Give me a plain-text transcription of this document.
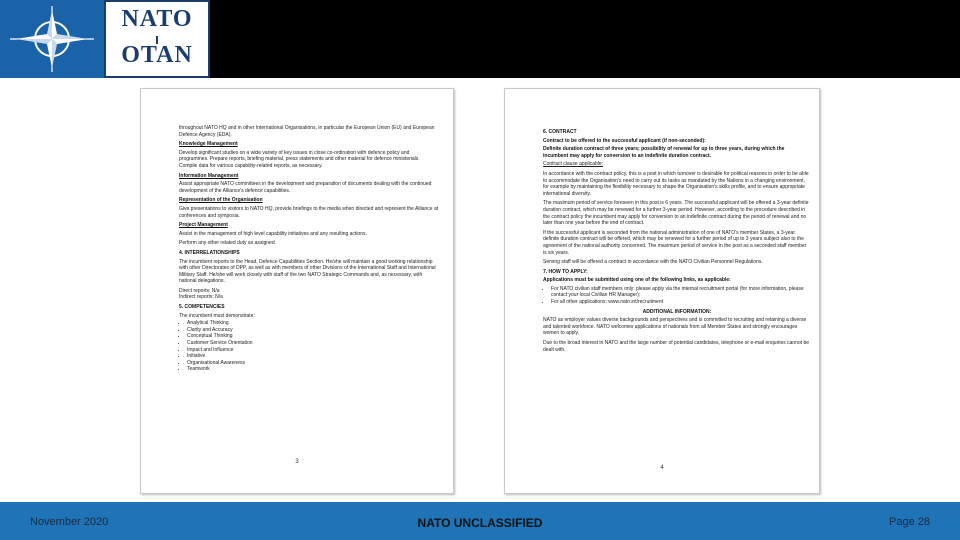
NATO
OTAN	VACANCY NOTICE Example

throughout NATO HQ and in other International Organisations, in particular the European Union (EU) and European Defence Agency (EDA).

Knowledge Management

Develop significant studies on a wide variety of key issues in close co-ordination with defence policy and programmes. Prepare reports, briefing material, press statements and other material for defence ministerials. Compile data for various capability-related reports, as necessary.

Information Management

Assist appropriate NATO committees in the development and preparation of documents dealing with the continued development of the Alliance's defence capabilities.

Representation of the Organisation

Give presentations to visitors to NATO HQ, provide briefings to the media when directed and represent the Alliance at conferences and symposia.

Project Management

Assist in the management of high level capability initiatives and any resulting actions.

Perform any other related duty as assigned.

4. INTERRELATIONSHIPS

The incumbent reports to the Head, Defence Capabilities Section. He/she will maintain a good working relationship with other Directorates of DPP, as well as with members of other Divisions of the International Staff and International Military Staff. He/she will work closely with staff of the two NATO Strategic Commands and, as necessary, with national delegations.

Direct reports: N/a

Indirect reports: N/a

5. COMPETENCIES

The incumbent must demonstrate:

• Analytical Thinking
• Clarity and Accuracy
• Conceptual Thinking
• Customer Service Orientation
• Impact and Influence
• Initiative
• Organisational Awareness
• Teamwork
3

6. CONTRACT

Contract to be offered to the successful applicant (if non-seconded):

Definite duration contract of three years; possibility of renewal for up to three years, during which the incumbent may apply for conversion to an indefinite duration contract.

Contract clause applicable:

In accordance with the contract policy, this is a post in which turnover is desirable for political reasons in order to be able to accommodate the Organisation's need to carry out its tasks as mandated by the Nations in a changing environment, for example by maintaining the flexibility necessary to shape the Organisation's skills profile, and to ensure appropriate international diversity.

The maximum period of service foreseen in this post is 6 years. The successful applicant will be offered a 3-year definite duration contract, which may be renewed for a further 3-year period. However, according to the procedure described in the contract policy the incumbent may apply for conversion to an indefinite contract during the period of renewal and no later than one year before the end of contract.

If the successful applicant is seconded from the national administration of one of NATO's member States, a 3-year definite duration contract will be offered, which may be renewed for a further period of up to 3 years subject also to the agreement of the national authority concerned. The maximum period of service in the post as a seconded staff member is six years.

Serving staff will be offered a contract in accordance with the NATO Civilian Personnel Regulations.

7. HOW TO APPLY:

Applications must be submitted using one of the following links, as applicable:

• For NATO civilian staff members only: please apply via the internal recruitment portal (for more information, please contact your local Civilian HR Manager);
• For all other applications: www.nato.int/recruitment

ADDITIONAL INFORMATION:

NATO as employer values diverse backgrounds and perspectives and is committed to recruiting and retaining a diverse and talented workforce. NATO welcomes applications of nationals from all Member States and strongly encourages women to apply.

Due to the broad interest in NATO and the large number of potential candidates, telephone or e-mail enquiries cannot be dealt with.

4
November 2020	NATO UNCLASSIFIED	Page 28
